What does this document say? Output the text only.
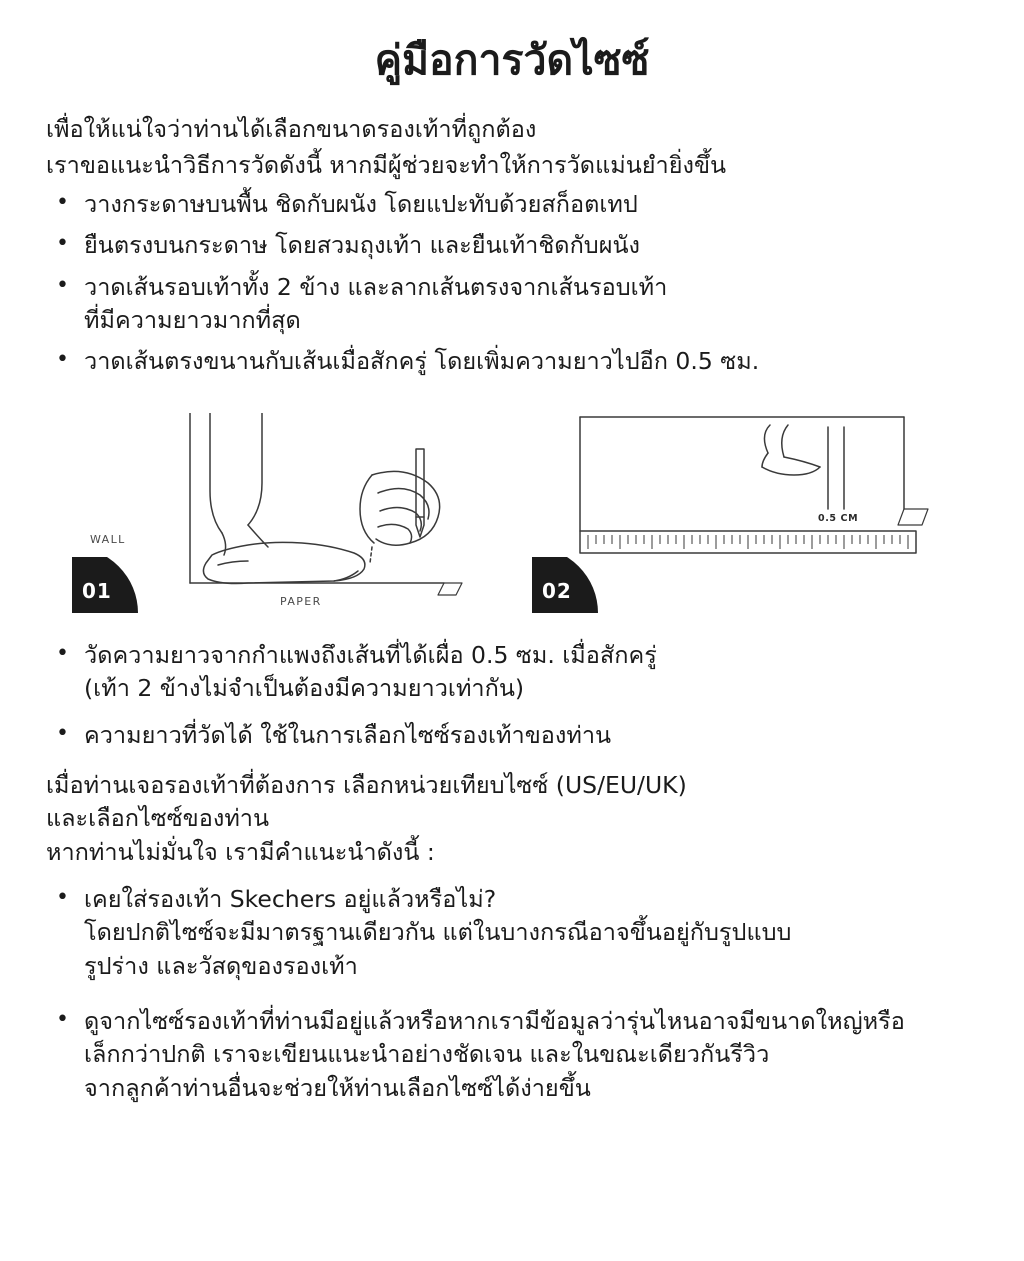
คู่มือการวัดไซซ์

เพื่อให้แน่ใจว่าท่านได้เลือกขนาดรองเท้าที่ถูกต้อง

เราขอแนะนำวิธีการวัดดังนี้ หากมีผู้ช่วยจะทำให้การวัดแม่นยำยิ่งขึ้น

• วางกระดาษบนพื้น ชิดกับผนัง โดยแปะทับด้วยสก็อตเทป
• ยืนตรงบนกระดาษ โดยสวมถุงเท้า และยืนเท้าชิดกับผนัง
• วาดเส้นรอบเท้าทั้ง 2 ข้าง และลากเส้นตรงจากเส้นรอบเท้า
ที่มีความยาวมากที่สุด
• วาดเส้นตรงขนานกับเส้นเมื่อสักครู่ โดยเพิ่มความยาวไปอีก 0.5 ซม.
WALL
PAPER
01
0.5 CM
02
• วัดความยาวจากกำแพงถึงเส้นที่ได้เผื่อ 0.5 ซม. เมื่อสักครู่
(เท้า 2 ข้างไม่จำเป็นต้องมีความยาวเท่ากัน)
• ความยาวที่วัดได้ ใช้ในการเลือกไซซ์รองเท้าของท่าน

เมื่อท่านเจอรองเท้าที่ต้องการ เลือกหน่วยเทียบไซซ์ (US/EU/UK)

และเลือกไซซ์ของท่าน

หากท่านไม่มั่นใจ เรามีคำแนะนำดังนี้ :

• เคยใส่รองเท้า Skechers อยู่แล้วหรือไม่?
โดยปกติไซซ์จะมีมาตรฐานเดียวกัน แต่ในบางกรณีอาจขึ้นอยู่กับรูปแบบ
รูปร่าง และวัสดุของรองเท้า
• ดูจากไซซ์รองเท้าที่ท่านมีอยู่แล้วหรือหากเรามีข้อมูลว่ารุ่นไหนอาจมีขนาดใหญ่หรือ
เล็กกว่าปกติ เราจะเขียนแนะนำอย่างชัดเจน และในขณะเดียวกันรีวิว
จากลูกค้าท่านอื่นจะช่วยให้ท่านเลือกไซซ์ได้ง่ายขึ้น
